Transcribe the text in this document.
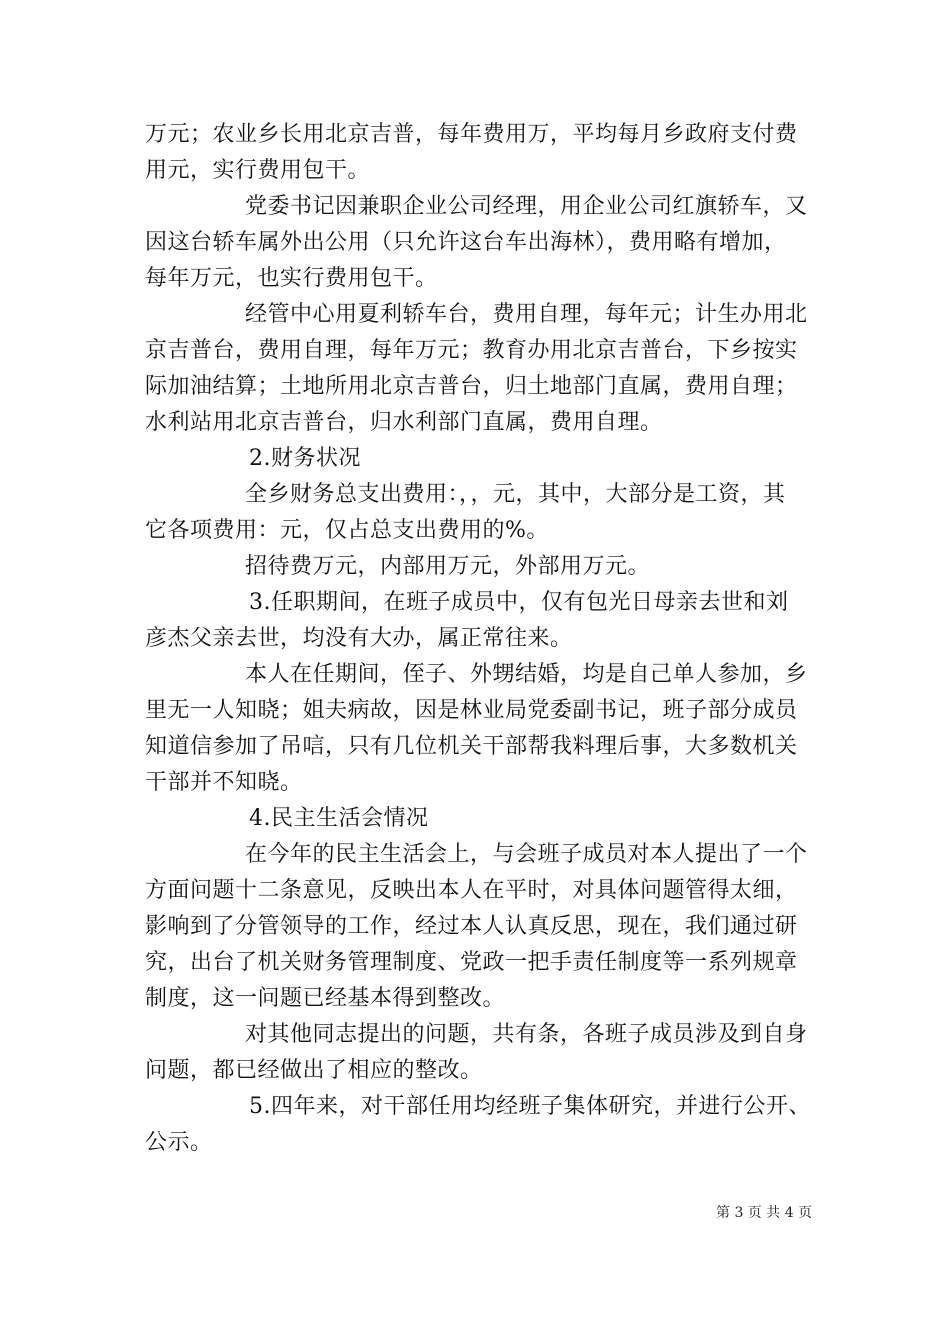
万元；农业乡长用北京吉普，每年费用万，平均每月乡政府支付费
用元，实行费用包干。
党委书记因兼职企业公司经理，用企业公司红旗轿车，又
因这台轿车属外出公用（只允许这台车出海林），费用略有增加，
每年万元，也实行费用包干。
经管中心用夏利轿车台，费用自理，每年元；计生办用北
京吉普台，费用自理，每年万元；教育办用北京吉普台，下乡按实
际加油结算；土地所用北京吉普台，归土地部门直属，费用自理；
水利站用北京吉普台，归水利部门直属，费用自理。
2.财务状况
全乡财务总支出费用：，，元，其中，大部分是工资，其
它各项费用：元，仅占总支出费用的%。
招待费万元，内部用万元，外部用万元。
3.任职期间，在班子成员中，仅有包光日母亲去世和刘
彦杰父亲去世，均没有大办，属正常往来。
本人在任期间，侄子、外甥结婚，均是自己单人参加，乡
里无一人知晓；姐夫病故，因是林业局党委副书记，班子部分成员
知道信参加了吊唁，只有几位机关干部帮我料理后事，大多数机关
干部并不知晓。
4.民主生活会情况
在今年的民主生活会上，与会班子成员对本人提出了一个
方面问题十二条意见，反映出本人在平时，对具体问题管得太细，
影响到了分管领导的工作，经过本人认真反思，现在，我们通过研
究，出台了机关财务管理制度、党政一把手责任制度等一系列规章
制度，这一问题已经基本得到整改。
对其他同志提出的问题，共有条，各班子成员涉及到自身
问题，都已经做出了相应的整改。
5.四年来，对干部任用均经班子集体研究，并进行公开、
公示。
第 3 页 共 4 页
